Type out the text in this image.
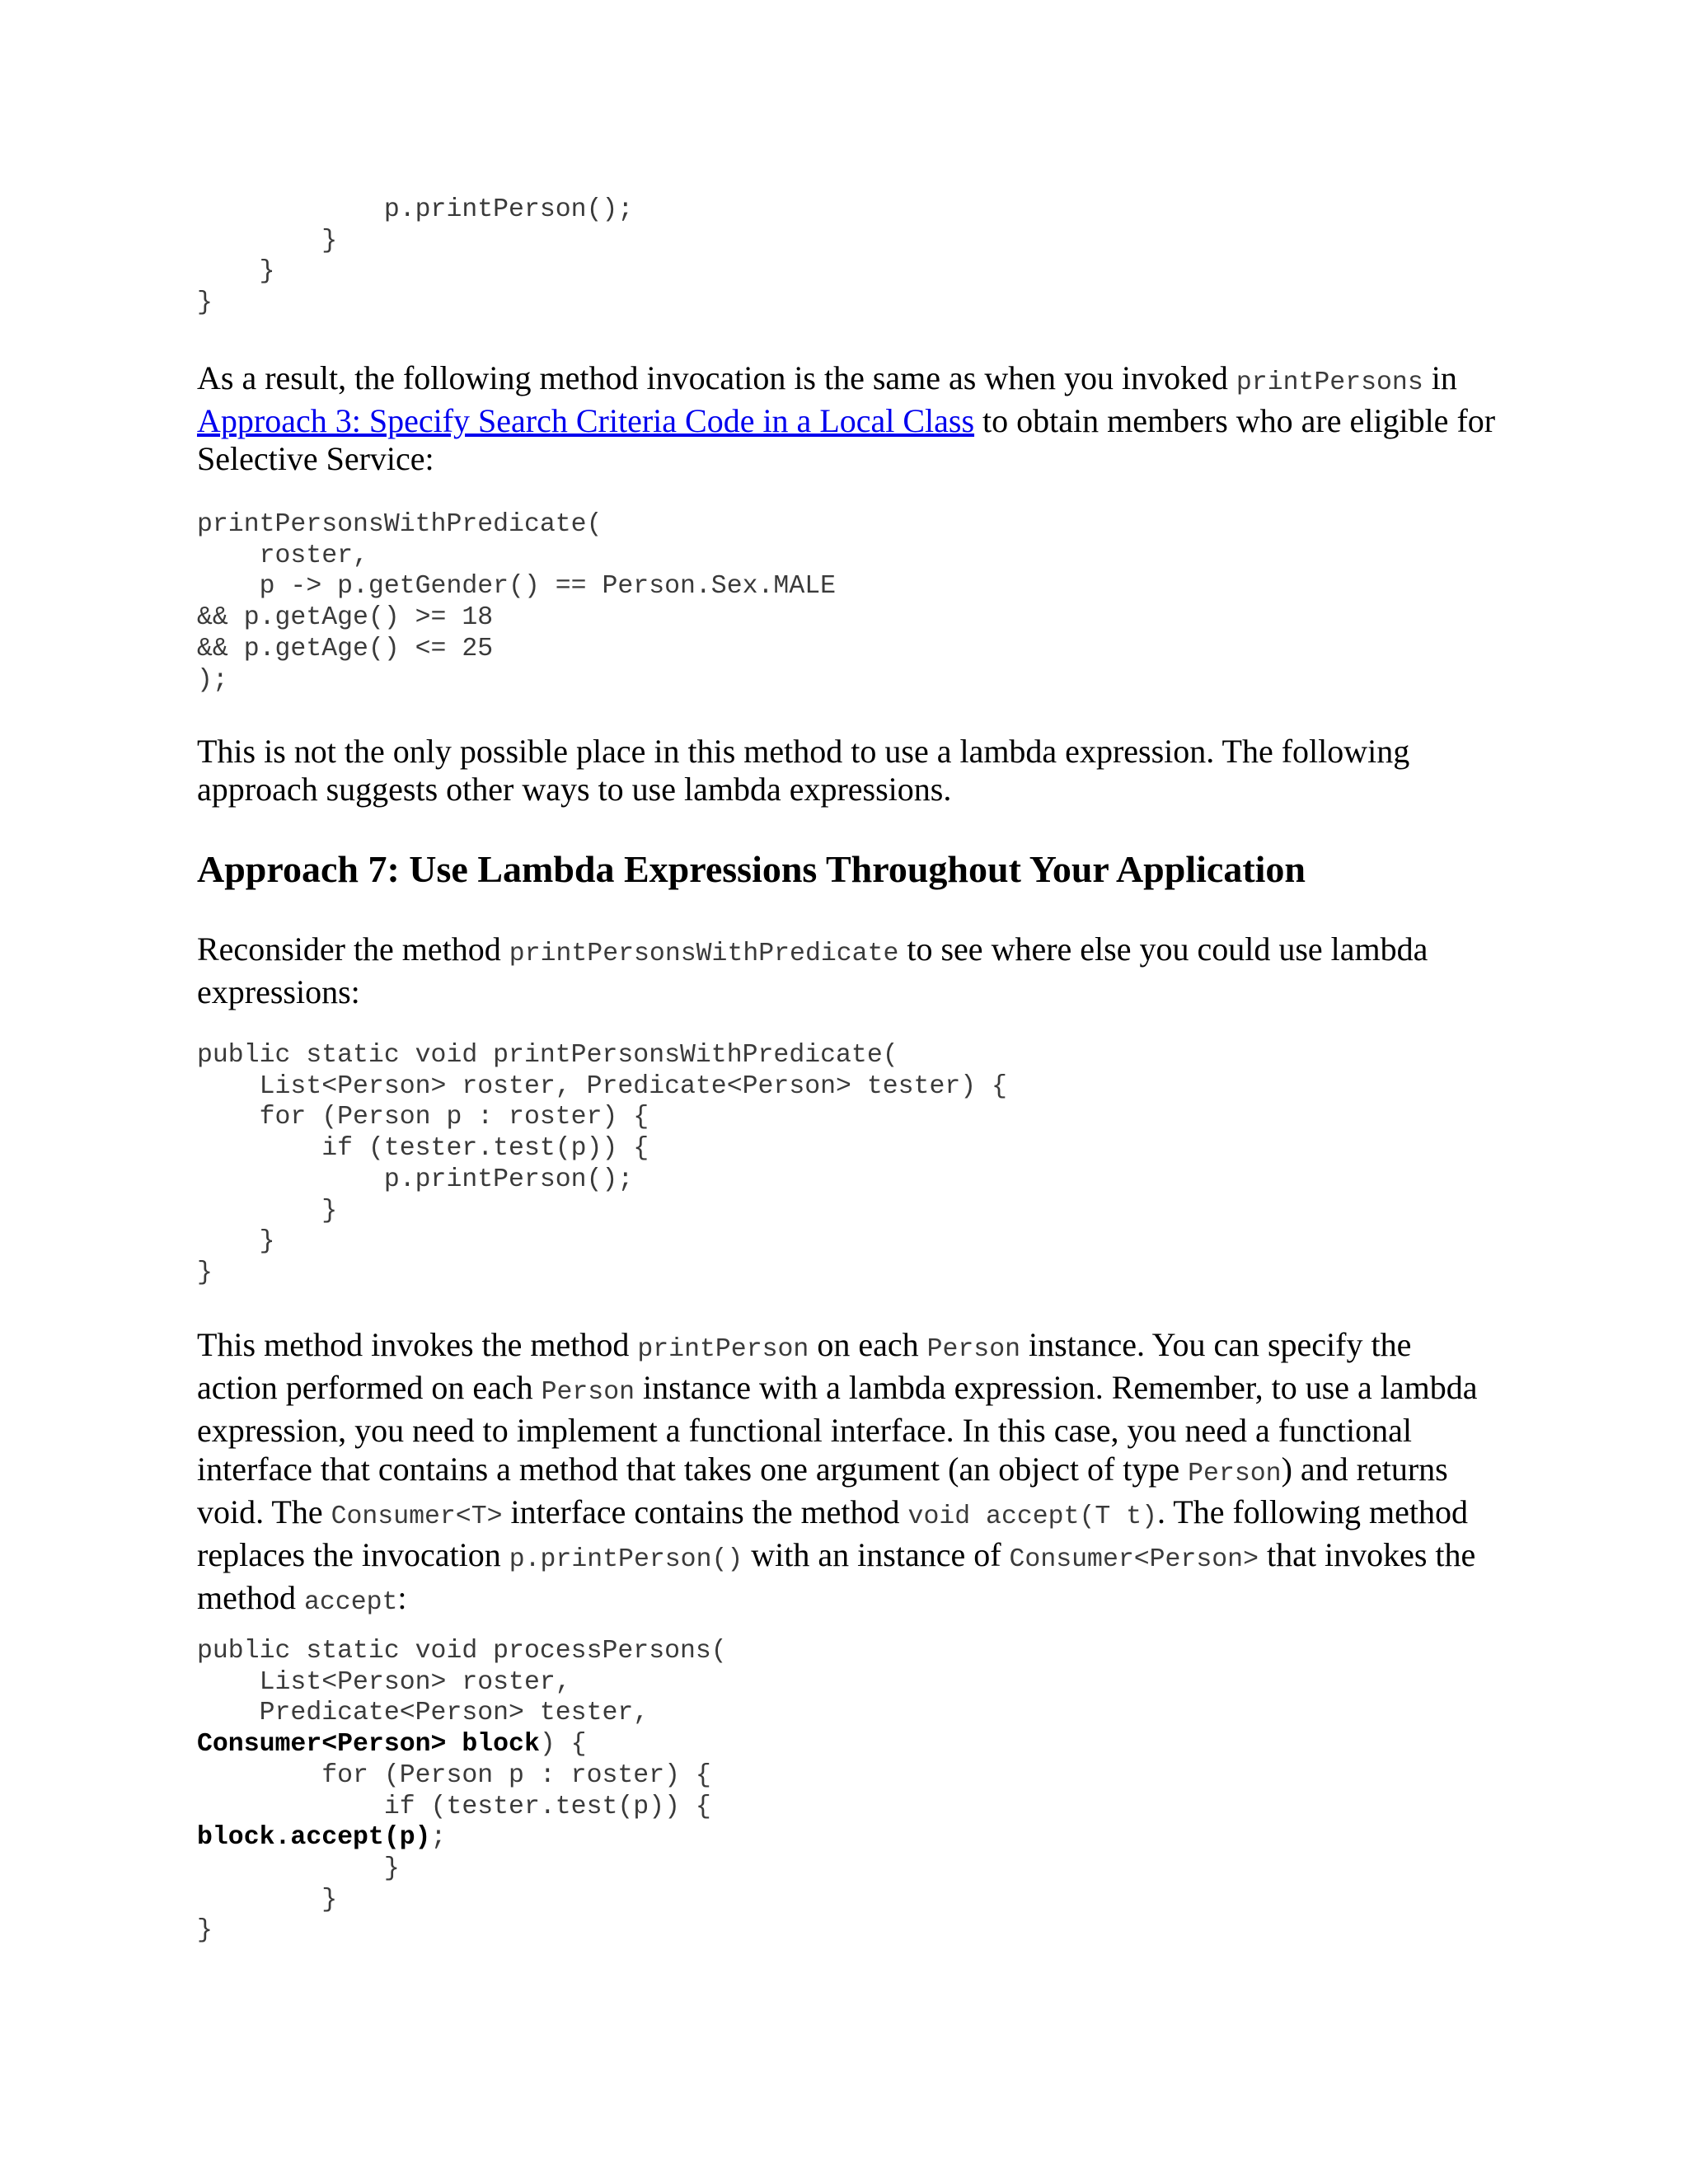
p.printPerson();
}
}
}

As a result, the following method invocation is the same as when you invoked printPersons in Approach 3: Specify Search Criteria Code in a Local Class to obtain members who are eligible for Selective Service:

printPersonsWithPredicate(
roster,
p -> p.getGender() == Person.Sex.MALE
&& p.getAge() >= 18
&& p.getAge() <= 25
);

This is not the only possible place in this method to use a lambda expression. The following approach suggests other ways to use lambda expressions.

Approach 7: Use Lambda Expressions Throughout Your Application

Reconsider the method printPersonsWithPredicate to see where else you could use lambda expressions:

public static void printPersonsWithPredicate(
List<Person> roster, Predicate<Person> tester) {
for (Person p : roster) {
if (tester.test(p)) {
p.printPerson();
}
}
}

This method invokes the method printPerson on each Person instance. You can specify the action performed on each Person instance with a lambda expression. Remember, to use a lambda expression, you need to implement a functional interface. In this case, you need a functional interface that contains a method that takes one argument (an object of type Person) and returns void. The Consumer<T> interface contains the method void accept(T t). The following method replaces the invocation p.printPerson() with an instance of Consumer<Person> that invokes the method accept:

public static void processPersons(
List<Person> roster,
Predicate<Person> tester,
Consumer<Person> block) {
for (Person p : roster) {
if (tester.test(p)) {
block.accept(p);
}
}
}
